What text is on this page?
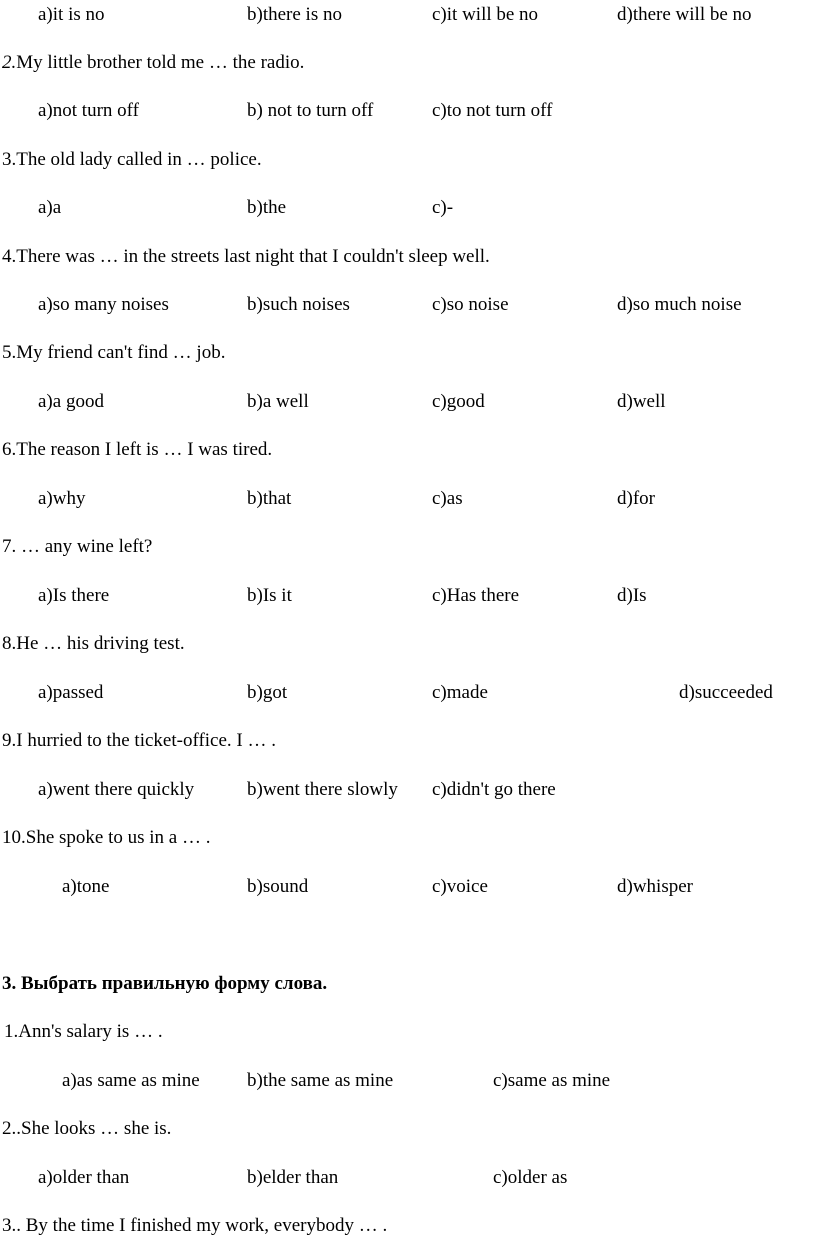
a)it is no	b)there is no	c)it will be no	d)there will be no
2.My little brother told me … the radio.
a)not turn off	b) not to turn off	c)to not turn off
3.The old lady called in … police.
a)a	b)the	c)-
4.There was … in the streets last night that I couldn't sleep well.
a)so many noises	b)such noises	c)so noise	d)so much noise
5.My friend can't find … job.
a)a good	b)a well	c)good	d)well
6.The reason I left is … I was tired.
a)why	b)that	c)as	d)for
7. … any wine left?
a)Is there	b)Is it	c)Has there	d)Is
8.He … his driving test.
a)passed	b)got	c)made	d)succeeded
9.I hurried to the ticket-office. I … .
a)went there quickly	b)went there slowly c)didn't go there
10.She spoke to us in a … .
a)tone	b)sound	c)voice	d)whisper
3. Выбрать правильную форму слова.
1.Ann's salary is … .
a)as same as mine b)the same as mine	c)same as mine
2..She looks … she is.
a)older than	b)elder than	c)older as
3.. By the time I finished my work, everybody … .
